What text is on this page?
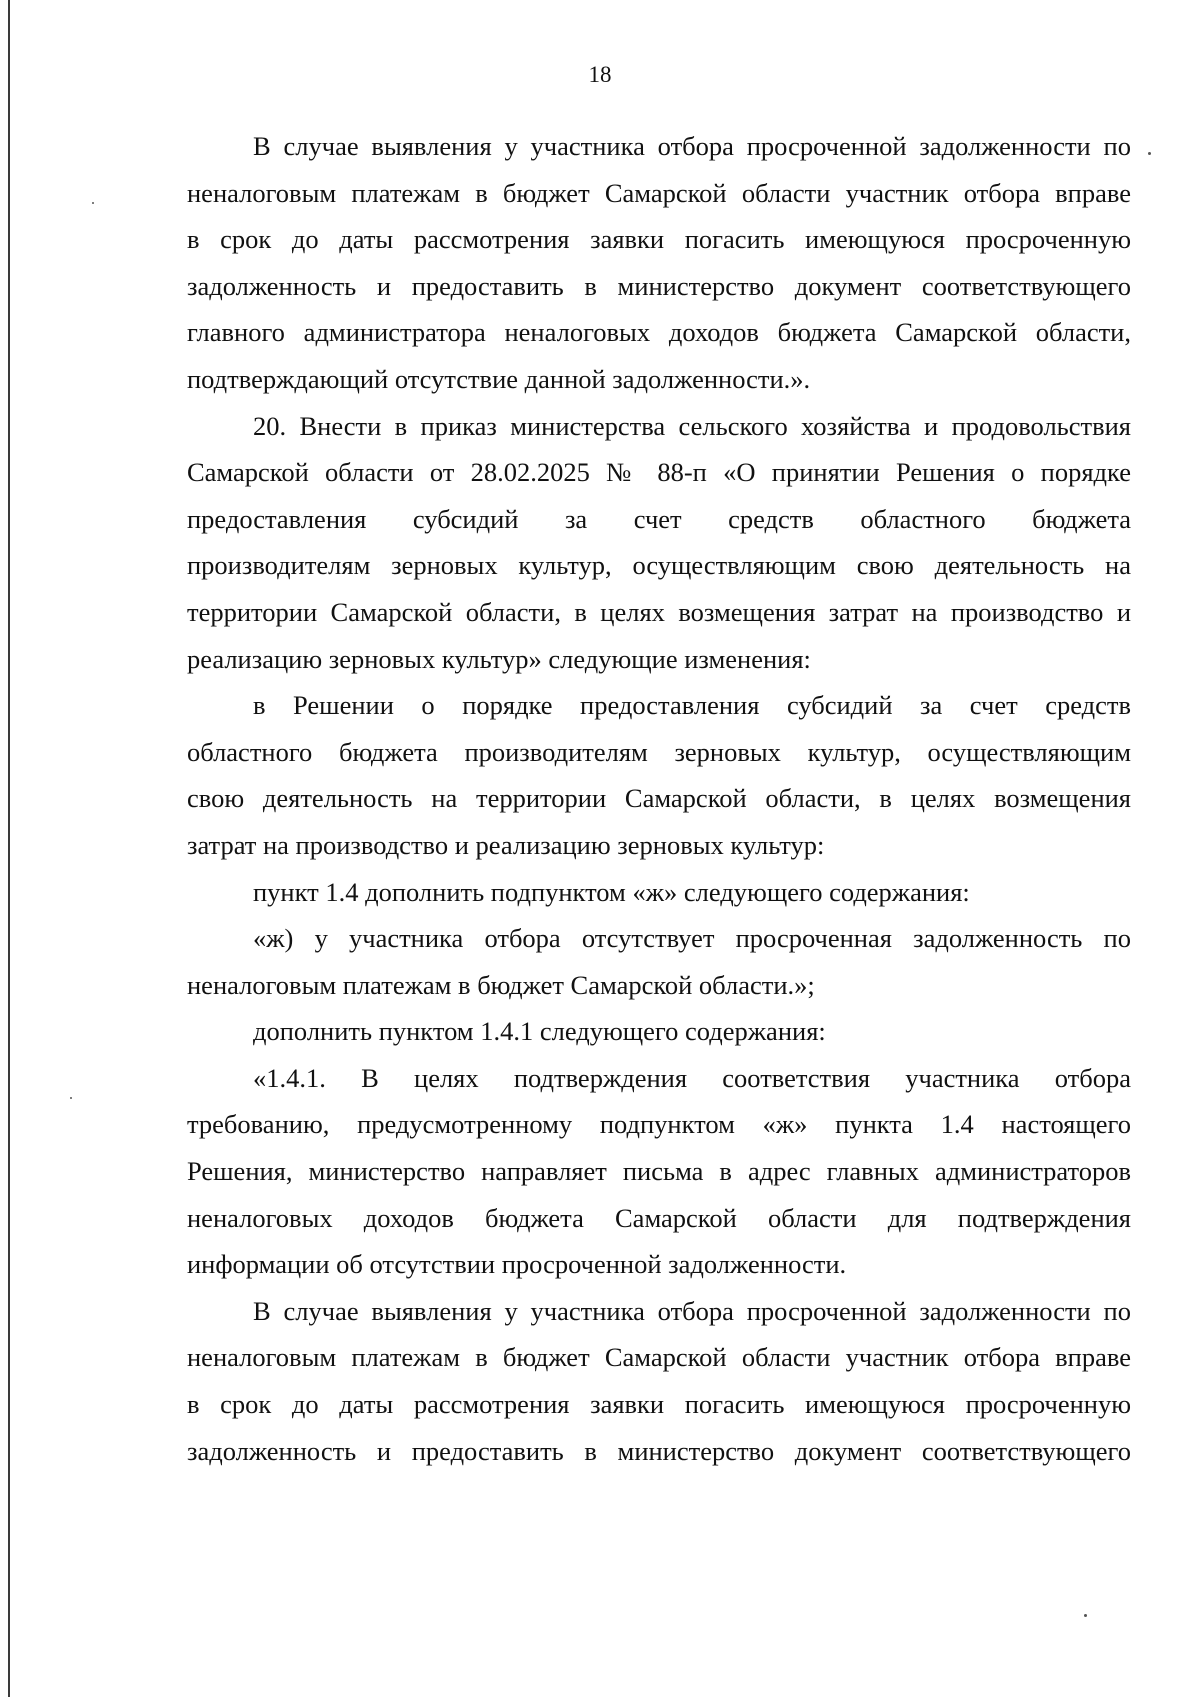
18
В случае выявления у участника отбора просроченной задолженности по
неналоговым платежам в бюджет Самарской области участник отбора вправе
в срок до даты рассмотрения заявки погасить имеющуюся просроченную
задолженность и предоставить в министерство документ соответствующего
главного администратора неналоговых доходов бюджета Самарской области,
подтверждающий отсутствие данной задолженности.».
20. Внести в приказ министерства сельского хозяйства и продовольствия
Самарской области от 28.02.2025 № 88-п «О принятии Решения о порядке
предоставления субсидий за счет средств областного бюджета
производителям зерновых культур, осуществляющим свою деятельность на
территории Самарской области, в целях возмещения затрат на производство и
реализацию зерновых культур» следующие изменения:
в Решении о порядке предоставления субсидий за счет средств
областного бюджета производителям зерновых культур, осуществляющим
свою деятельность на территории Самарской области, в целях возмещения
затрат на производство и реализацию зерновых культур:
пункт 1.4 дополнить подпунктом «ж» следующего содержания:
«ж) у участника отбора отсутствует просроченная задолженность по
неналоговым платежам в бюджет Самарской области.»;
дополнить пунктом 1.4.1 следующего содержания:
«1.4.1. В целях подтверждения соответствия участника отбора
требованию, предусмотренному подпунктом «ж» пункта 1.4 настоящего
Решения, министерство направляет письма в адрес главных администраторов
неналоговых доходов бюджета Самарской области для подтверждения
информации об отсутствии просроченной задолженности.
В случае выявления у участника отбора просроченной задолженности по
неналоговым платежам в бюджет Самарской области участник отбора вправе
в срок до даты рассмотрения заявки погасить имеющуюся просроченную
задолженность и предоставить в министерство документ соответствующего
